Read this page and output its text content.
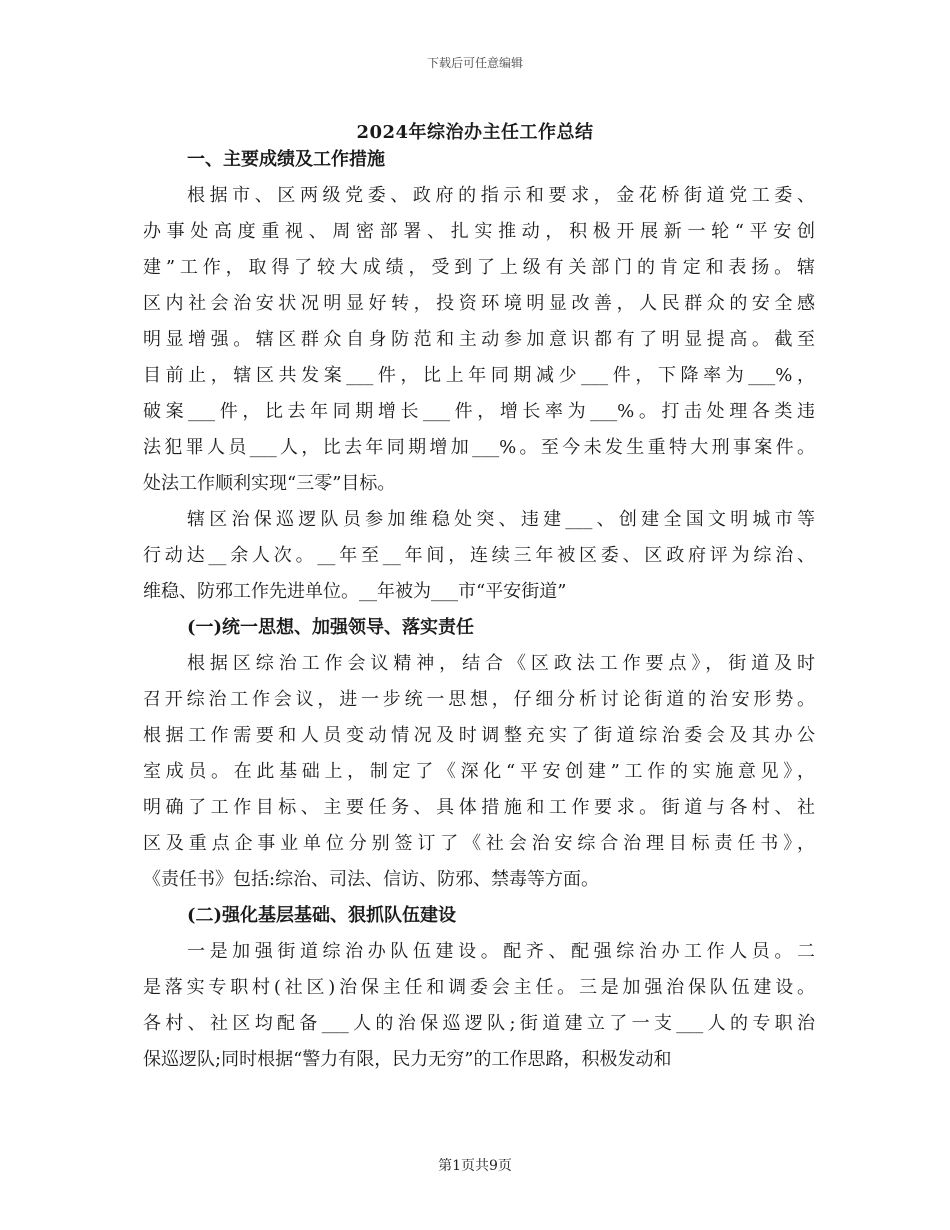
下载后可任意编辑
2024年综治办主任工作总结
一、主要成绩及工作措施
根据市、区两级党委、政府的指示和要求，金花桥街道党工委、
办事处高度重视、周密部署、扎实推动，积极开展新一轮“平安创
建”工作，取得了较大成绩，受到了上级有关部门的肯定和表扬。辖
区内社会治安状况明显好转，投资环境明显改善，人民群众的安全感
明显增强。辖区群众自身防范和主动参加意识都有了明显提高。截至
目前止，辖区共发案___件，比上年同期减少___件，下降率为___%，
破案___件，比去年同期增长___件，增长率为___%。打击处理各类违
法犯罪人员___人，比去年同期增加___%。至今未发生重特大刑事案件。
处法工作顺利实现“三零”目标。
辖区治保巡逻队员参加维稳处突、违建___、创建全国文明城市等
行动达__余人次。__年至__年间，连续三年被区委、区政府评为综治、
维稳、防邪工作先进单位。__年被为___市“平安街道”
(一)统一思想、加强领导、落实责任
根据区综治工作会议精神，结合《区政法工作要点》，街道及时
召开综治工作会议，进一步统一思想，仔细分析讨论街道的治安形势。
根据工作需要和人员变动情况及时调整充实了街道综治委会及其办公
室成员。在此基础上，制定了《深化“平安创建”工作的实施意见》，
明确了工作目标、主要任务、具体措施和工作要求。街道与各村、社
区及重点企事业单位分别签订了《社会治安综合治理目标责任书》，
《责任书》包括:综治、司法、信访、防邪、禁毒等方面。
(二)强化基层基础、狠抓队伍建设
一是加强街道综治办队伍建设。配齐、配强综治办工作人员。二
是落实专职村(社区)治保主任和调委会主任。三是加强治保队伍建设。
各村、社区均配备___人的治保巡逻队;街道建立了一支___人的专职治
保巡逻队;同时根据“警力有限，民力无穷”的工作思路，积极发动和
第1页共9页
